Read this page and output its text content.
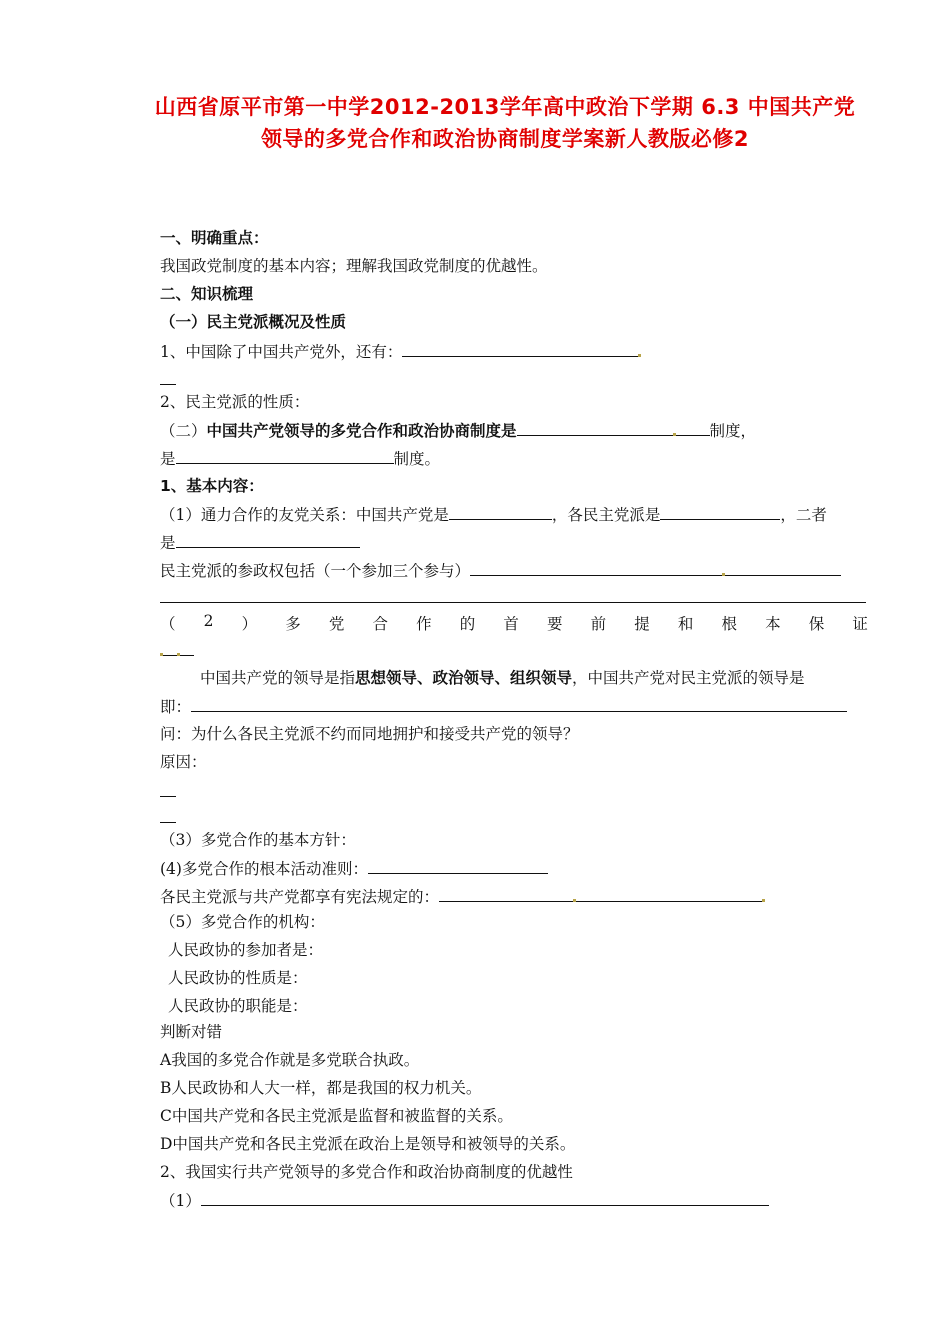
山西省原平市第一中学2012-2013学年高中政治下学期 6.3 中国共产党
领导的多党合作和政治协商制度学案新人教版必修2
一、明确重点：
我国政党制度的基本内容；理解我国政党制度的优越性。
二、知识梳理
（一）民主党派概况及性质
1、中国除了中国共产党外，还有：
2、民主党派的性质：
（二）中国共产党领导的多党合作和政治协商制度是	制度，
是	制度。
1、基本内容：
（1）通力合作的友党关系：中国共产党是	，各民主党派是	，二者
是
民主党派的参政权包括（一个参加三个参与）
（ 2 ） 多 党 合 作 的 首 要 前 提 和 根 本 保 证
中国共产党的领导是指思想领导、政治领导、组织领导，中国共产党对民主党派的领导是
即：
问：为什么各民主党派不约而同地拥护和接受共产党的领导？
原因：
（3）多党合作的基本方针：
(4)多党合作的根本活动准则：
各民主党派与共产党都享有宪法规定的：
（5）多党合作的机构：
人民政协的参加者是：
人民政协的性质是：
人民政协的职能是：
判断对错
A我国的多党合作就是多党联合执政。
B人民政协和人大一样，都是我国的权力机关。
C中国共产党和各民主党派是监督和被监督的关系。
D中国共产党和各民主党派在政治上是领导和被领导的关系。
2、我国实行共产党领导的多党合作和政治协商制度的优越性
（1）
